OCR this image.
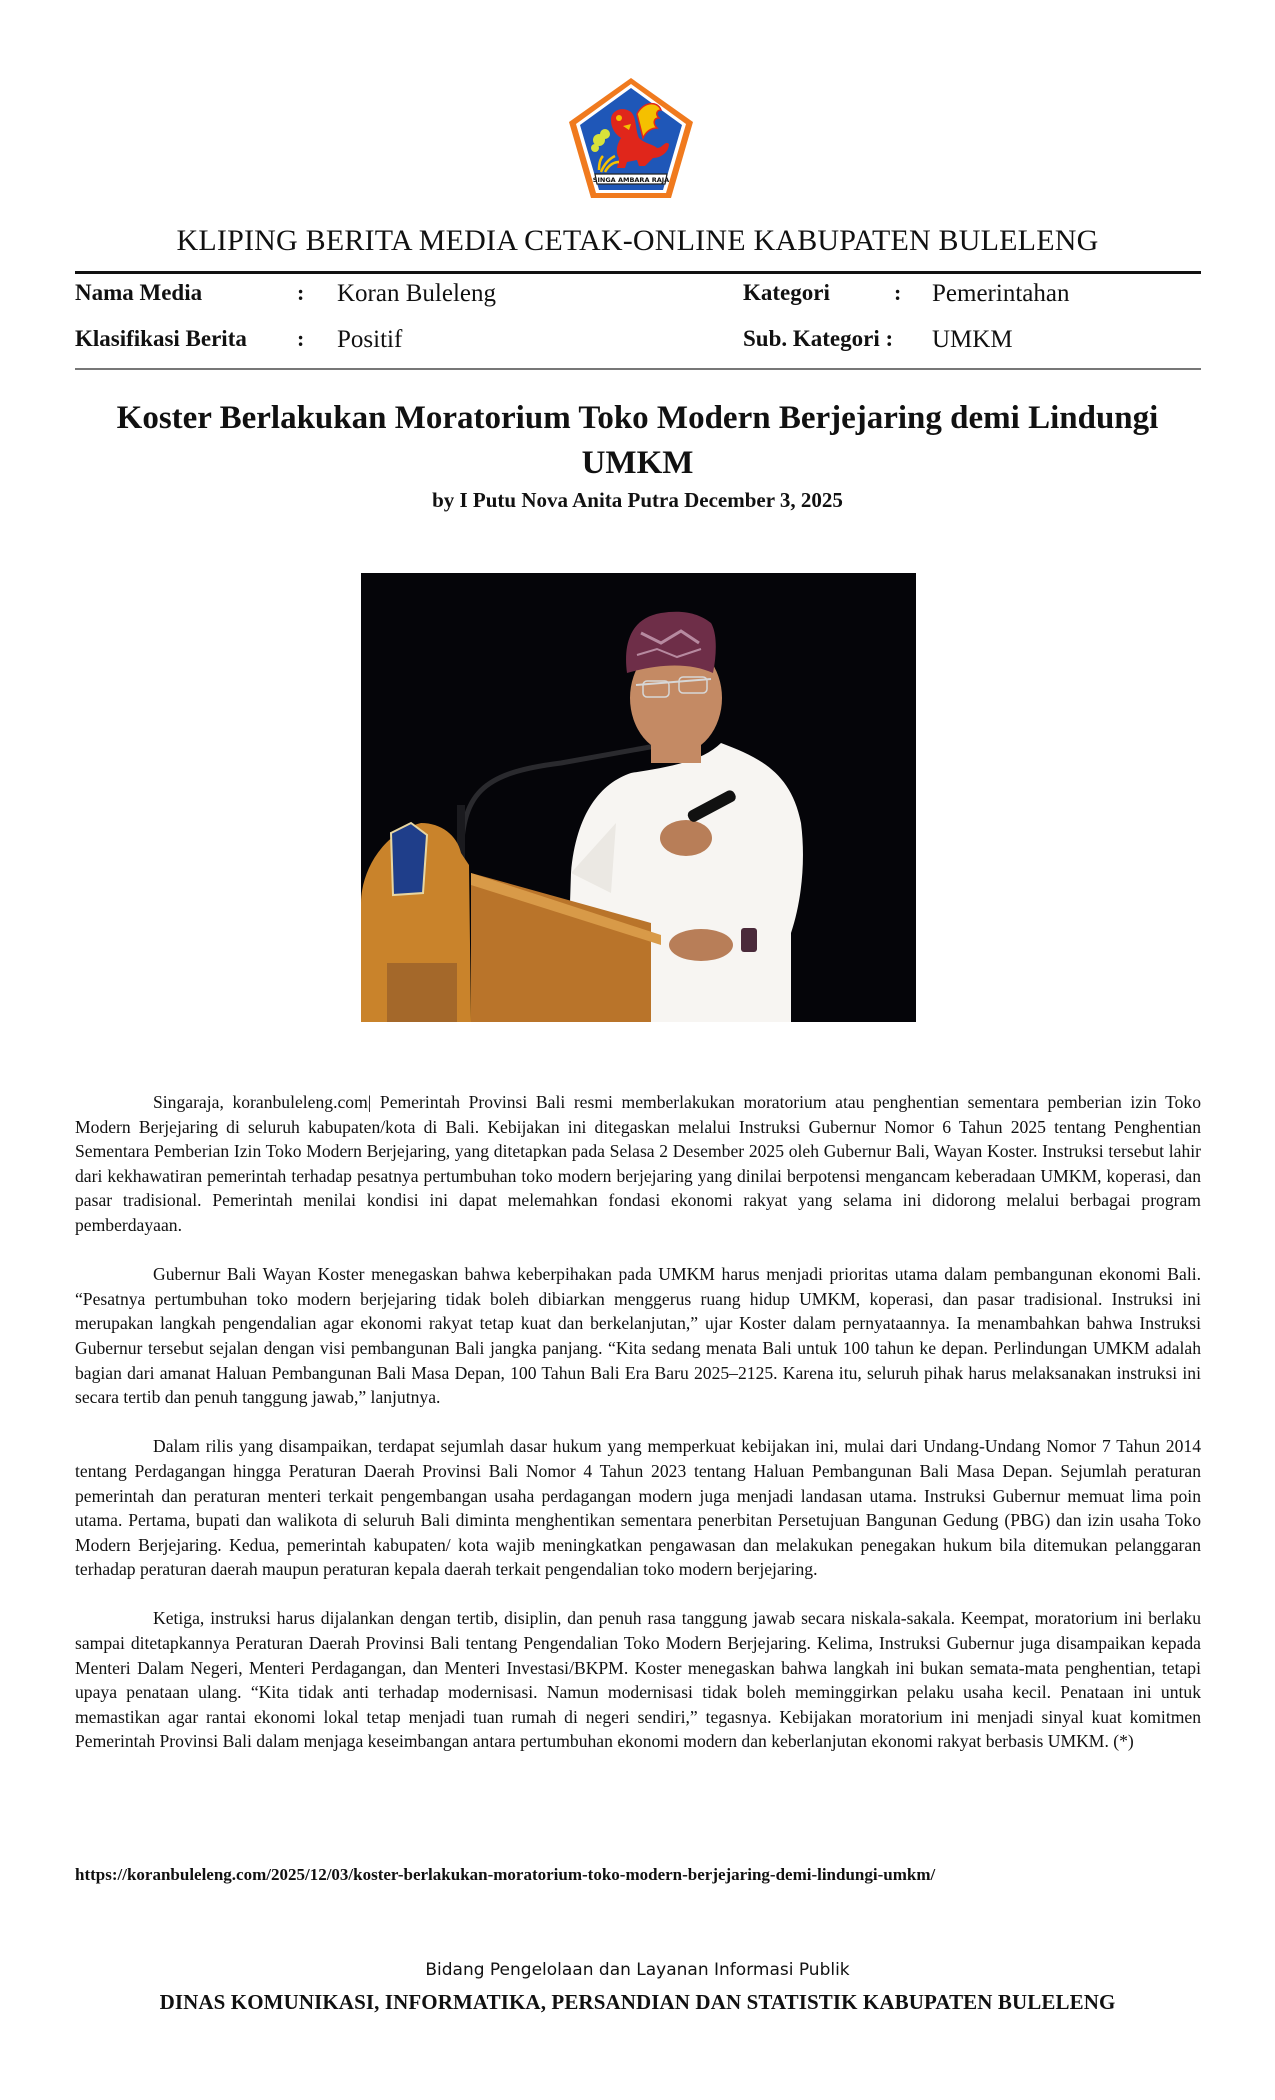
SINGA AMBARA RAJA
KLIPING BERITA MEDIA CETAK-ONLINE KABUPATEN BULELENG
Nama Media	: Koran Buleleng	Kategori	: Pemerintahan
Klasifikasi Berita : Positif	Sub. Kategori : UMKM
Koster Berlakukan Moratorium Toko Modern Berjejaring demi Lindungi UMKM
by I Putu Nova Anita Putra December 3, 2025

Singaraja, koranbuleleng.com| Pemerintah Provinsi Bali resmi memberlakukan moratorium atau penghentian sementara pemberian izin Toko Modern Berjejaring di seluruh kabupaten/kota di Bali. Kebijakan ini ditegaskan melalui Instruksi Gubernur Nomor 6 Tahun 2025 tentang Penghentian Sementara Pemberian Izin Toko Modern Berjejaring, yang ditetapkan pada Selasa 2 Desember 2025 oleh Gubernur Bali, Wayan Koster. Instruksi tersebut lahir dari kekhawatiran pemerintah terhadap pesatnya pertumbuhan toko modern berjejaring yang dinilai berpotensi mengancam keberadaan UMKM, koperasi, dan pasar tradisional. Pemerintah menilai kondisi ini dapat melemahkan fondasi ekonomi rakyat yang selama ini didorong melalui berbagai program pemberdayaan.

Gubernur Bali Wayan Koster menegaskan bahwa keberpihakan pada UMKM harus menjadi prioritas utama dalam pembangunan ekonomi Bali. “Pesatnya pertumbuhan toko modern berjejaring tidak boleh dibiarkan menggerus ruang hidup UMKM, koperasi, dan pasar tradisional. Instruksi ini merupakan langkah pengendalian agar ekonomi rakyat tetap kuat dan berkelanjutan,” ujar Koster dalam pernyataannya. Ia menambahkan bahwa Instruksi Gubernur tersebut sejalan dengan visi pembangunan Bali jangka panjang. “Kita sedang menata Bali untuk 100 tahun ke depan. Perlindungan UMKM adalah bagian dari amanat Haluan Pembangunan Bali Masa Depan, 100 Tahun Bali Era Baru 2025–2125. Karena itu, seluruh pihak harus melaksanakan instruksi ini secara tertib dan penuh tanggung jawab,” lanjutnya.

Dalam rilis yang disampaikan, terdapat sejumlah dasar hukum yang memperkuat kebijakan ini, mulai dari Undang-Undang Nomor 7 Tahun 2014 tentang Perdagangan hingga Peraturan Daerah Provinsi Bali Nomor 4 Tahun 2023 tentang Haluan Pembangunan Bali Masa Depan. Sejumlah peraturan pemerintah dan peraturan menteri terkait pengembangan usaha perdagangan modern juga menjadi landasan utama. Instruksi Gubernur memuat lima poin utama. Pertama, bupati dan walikota di seluruh Bali diminta menghentikan sementara penerbitan Persetujuan Bangunan Gedung (PBG) dan izin usaha Toko Modern Berjejaring. Kedua, pemerintah kabupaten/ kota wajib meningkatkan pengawasan dan melakukan penegakan hukum bila ditemukan pelanggaran terhadap peraturan daerah maupun peraturan kepala daerah terkait pengendalian toko modern berjejaring.

Ketiga, instruksi harus dijalankan dengan tertib, disiplin, dan penuh rasa tanggung jawab secara niskala-sakala. Keempat, moratorium ini berlaku sampai ditetapkannya Peraturan Daerah Provinsi Bali tentang Pengendalian Toko Modern Berjejaring. Kelima, Instruksi Gubernur juga disampaikan kepada Menteri Dalam Negeri, Menteri Perdagangan, dan Menteri Investasi/BKPM. Koster menegaskan bahwa langkah ini bukan semata-mata penghentian, tetapi upaya penataan ulang. “Kita tidak anti terhadap modernisasi. Namun modernisasi tidak boleh meminggirkan pelaku usaha kecil. Penataan ini untuk memastikan agar rantai ekonomi lokal tetap menjadi tuan rumah di negeri sendiri,” tegasnya. Kebijakan moratorium ini menjadi sinyal kuat komitmen Pemerintah Provinsi Bali dalam menjaga keseimbangan antara pertumbuhan ekonomi modern dan keberlanjutan ekonomi rakyat berbasis UMKM. (*)

https://koranbuleleng.com/2025/12/03/koster-berlakukan-moratorium-toko-modern-berjejaring-demi-lindungi-umkm/
Bidang Pengelolaan dan Layanan Informasi Publik
DINAS KOMUNIKASI, INFORMATIKA, PERSANDIAN DAN STATISTIK KABUPATEN BULELENG
